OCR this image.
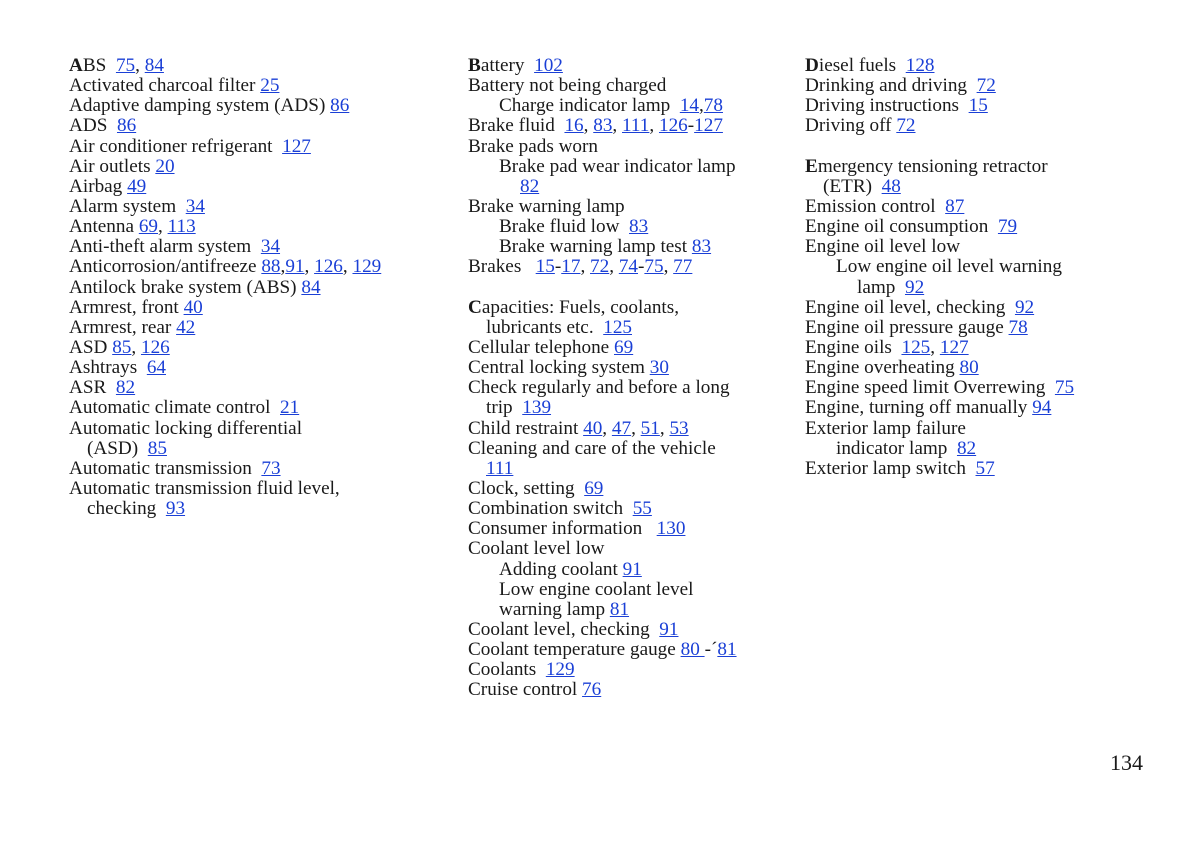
ABS  75, 84
Activated charcoal filter 25
Adaptive damping system (ADS) 86
ADS  86
Air conditioner refrigerant  127
Air outlets 20
Airbag 49
Alarm system  34
Antenna 69, 113
Anti-theft alarm system  34
Anticorrosion/antifreeze 88,91, 126, 129
Antilock brake system (ABS) 84
Armrest, front 40
Armrest, rear 42
ASD 85, 126
Ashtrays  64
ASR  82
Automatic climate control  21
Automatic locking differential
(ASD)  85
Automatic transmission  73
Automatic transmission fluid level,
checking  93
Battery  102
Battery not being charged
Charge indicator lamp  14,78
Brake fluid  16, 83, 111, 126-127
Brake pads worn
Brake pad wear indicator lamp
82
Brake warning lamp
Brake fluid low  83
Brake warning lamp test 83
Brakes   15-17, 72, 74-75, 77
Capacities: Fuels, coolants,
lubricants etc.  125
Cellular telephone 69
Central locking system 30
Check regularly and before a long
trip  139
Child restraint 40, 47, 51, 53
Cleaning and care of the vehicle
111
Clock, setting  69
Combination switch  55
Consumer information   130
Coolant level low
Adding coolant 91
Low engine coolant level
warning lamp 81
Coolant level, checking  91
Coolant temperature gauge 80 -´81
Coolants  129
Cruise control 76
Diesel fuels  128
Drinking and driving  72
Driving instructions  15
Driving off 72
Emergency tensioning retractor
(ETR)  48
Emission control  87
Engine oil consumption  79
Engine oil level low
Low engine oil level warning
lamp  92
Engine oil level, checking  92
Engine oil pressure gauge 78
Engine oils  125, 127
Engine overheating 80
Engine speed limit Overrewing  75
Engine, turning off manually 94
Exterior lamp failure
indicator lamp  82
Exterior lamp switch  57
134
